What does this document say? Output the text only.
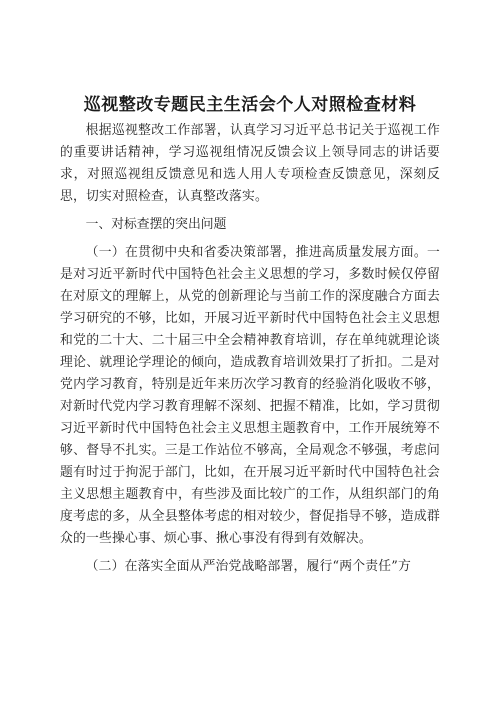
巡视整改专题民主生活会个人对照检查材料

根据巡视整改工作部署，认真学习习近平总书记关于巡视工作的重要讲话精神，学习巡视组情况反馈会议上领导同志的讲话要求，对照巡视组反馈意见和选人用人专项检查反馈意见，深刻反思，切实对照检查，认真整改落实。

一、对标查摆的突出问题

（一）在贯彻中央和省委决策部署，推进高质量发展方面。一是对习近平新时代中国特色社会主义思想的学习，多数时候仅停留在对原文的理解上，从党的创新理论与当前工作的深度融合方面去学习研究的不够，比如，开展习近平新时代中国特色社会主义思想和党的二十大、二十届三中全会精神教育培训，存在单纯就理论谈理论、就理论学理论的倾向，造成教育培训效果打了折扣。二是对党内学习教育，特别是近年来历次学习教育的经验消化吸收不够，对新时代党内学习教育理解不深刻、把握不精准，比如，学习贯彻习近平新时代中国特色社会主义思想主题教育中，工作开展统筹不够、督导不扎实。三是工作站位不够高，全局观念不够强，考虑问题有时过于拘泥于部门，比如，在开展习近平新时代中国特色社会主义思想主题教育中，有些涉及面比较广的工作，从组织部门的角度考虑的多，从全县整体考虑的相对较少，督促指导不够，造成群众的一些操心事、烦心事、揪心事没有得到有效解决。

（二）在落实全面从严治党战略部署，履行“两个责任”方
